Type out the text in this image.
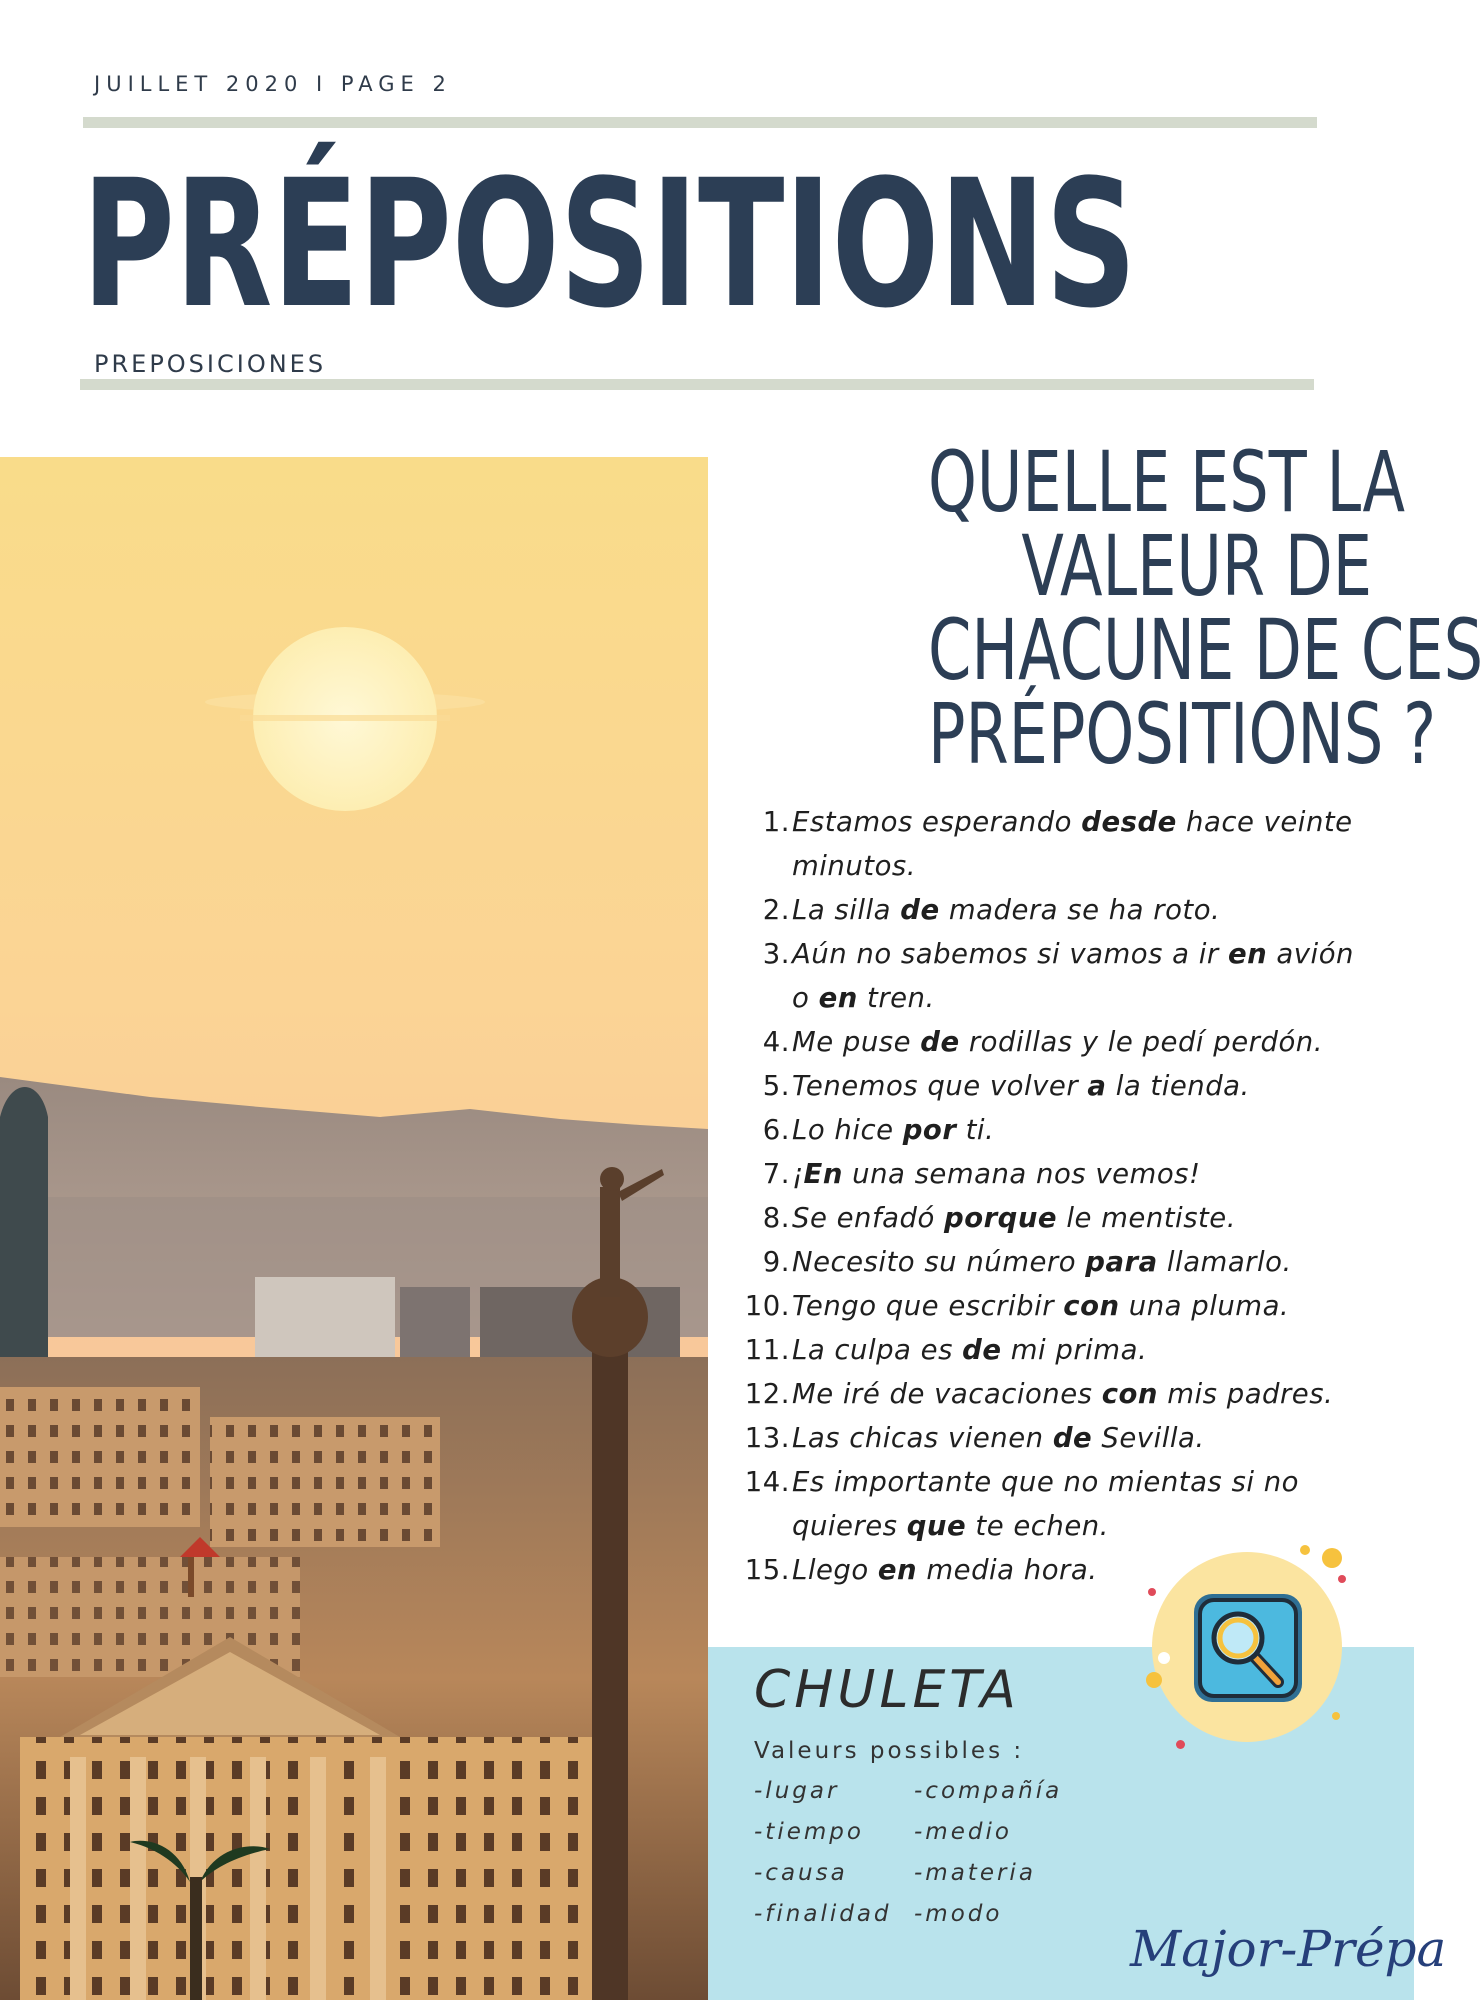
JUILLET 2020 I PAGE 2
PRÉPOSITIONS
PREPOSICIONES
QUELLE EST LA
VALEUR DE
CHACUNE DE CES
PRÉPOSITIONS ?
1. Estamos esperando desde hace veinte minutos.
2. La silla de madera se ha roto.
3. Aún no sabemos si vamos a ir en avión o en tren.
4. Me puse de rodillas y le pedí perdón.
5. Tenemos que volver a la tienda.
6. Lo hice por ti.
7. ¡En una semana nos vemos!
8. Se enfadó porque le mentiste.
9. Necesito su número para llamarlo.
10. Tengo que escribir con una pluma.
11. La culpa es de mi prima.
12. Me iré de vacaciones con mis padres.
13. Las chicas vienen de Sevilla.
14. Es importante que no mientas si no quieres que te echen.
15. Llego en media hora.
CHULETA
Valeurs possibles :
-lugar	-compañía
-tiempo -medio
-causa	-materia
-finalidad -modo
Major-Prépa
